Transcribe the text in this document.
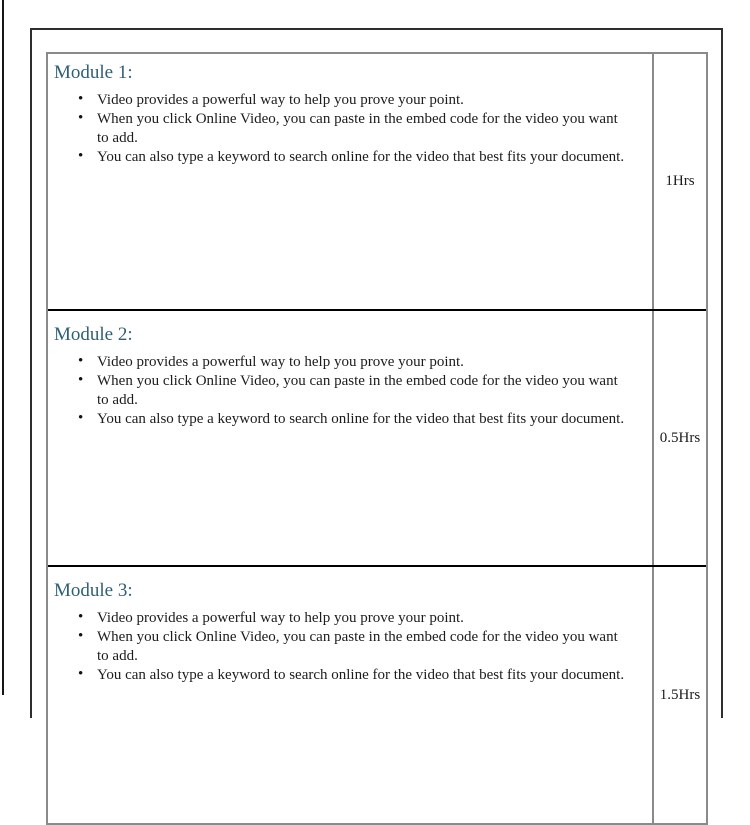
Module 1:
• Video provides a powerful way to help you prove your point.
• When you click Online Video, you can paste in the embed code for the video you want to add.
• You can also type a keyword to search online for the video that best fits your document.
1Hrs
Module 2:
• Video provides a powerful way to help you prove your point.
• When you click Online Video, you can paste in the embed code for the video you want to add.
• You can also type a keyword to search online for the video that best fits your document.
0.5Hrs
Module 3:
• Video provides a powerful way to help you prove your point.
• When you click Online Video, you can paste in the embed code for the video you want to add.
• You can also type a keyword to search online for the video that best fits your document.
1.5Hrs
